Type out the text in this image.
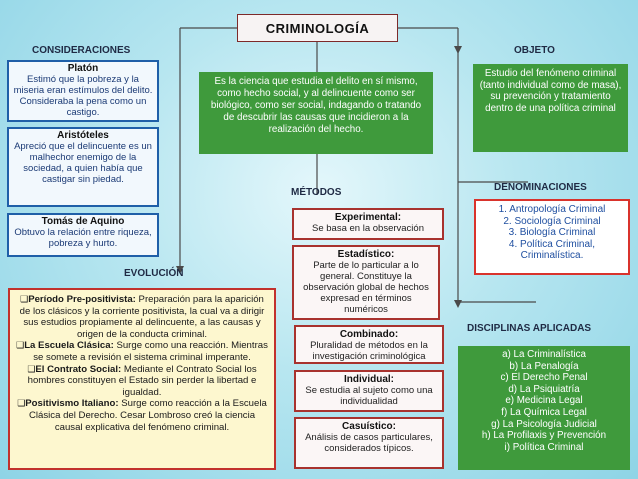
CRIMINOLOGÍA
CONSIDERACIONES	OBJETO
MÉTODOS	DENOMINACIONES
EVOLUCIÓN
DISCIPLINAS APLICADAS
Platón
Estimó que la pobreza y la miseria eran estímulos del delito. Consideraba la pena como un castigo.
Aristóteles
Apreció que el delincuente es un malhechor enemigo de la sociedad, a quien había que castigar sin piedad.
Tomás de Aquino
Obtuvo la relación entre riqueza, pobreza y hurto.
Es la ciencia que estudia el delito en sí mismo, como hecho social, y al delincuente como ser biológico, como ser social, indagando o tratando de descubrir las causas que incidieron a la realización del hecho.
Estudio del fenómeno criminal (tanto individual como de masa), su prevención y tratamiento dentro de una política criminal
Experimental:
Se basa en la observación
Estadístico:
Parte de lo particular a lo general. Constituye la observación global de hechos expresad en términos numéricos
Combinado:
Pluralidad de métodos en la investigación criminológica
Individual:
Se estudia al sujeto como una individualidad
Casuístico:
Análisis de casos particulares, considerados típicos.
1. Antropología Criminal
2. Sociología Criminal
3. Biología Criminal
4. Política Criminal, Criminalística.

❑Período Pre-positivista: Preparación para la aparición de los clásicos y la corriente positivista, la cual va a dirigir sus estudios propiamente al delincuente, a las causas y origen de la conducta criminal.

❑La Escuela Clásica: Surge como una reacción. Mientras se somete a revisión el sistema criminal imperante.

❑El Contrato Social: Mediante el Contrato Social los hombres constituyen el Estado sin perder la libertad e igualdad.

❑Positivismo Italiano: Surge como reacción a la Escuela Clásica del Derecho. Cesar Lombroso creó la ciencia causal explicativa del fenómeno criminal.

a) La Criminalística
b) La Penalogía
c) El Derecho Penal
d) La Psiquiatría
e) Medicina Legal
f) La Química Legal
g) La Psicología Judicial
h) La Profilaxis y Prevención
i) Política Criminal
